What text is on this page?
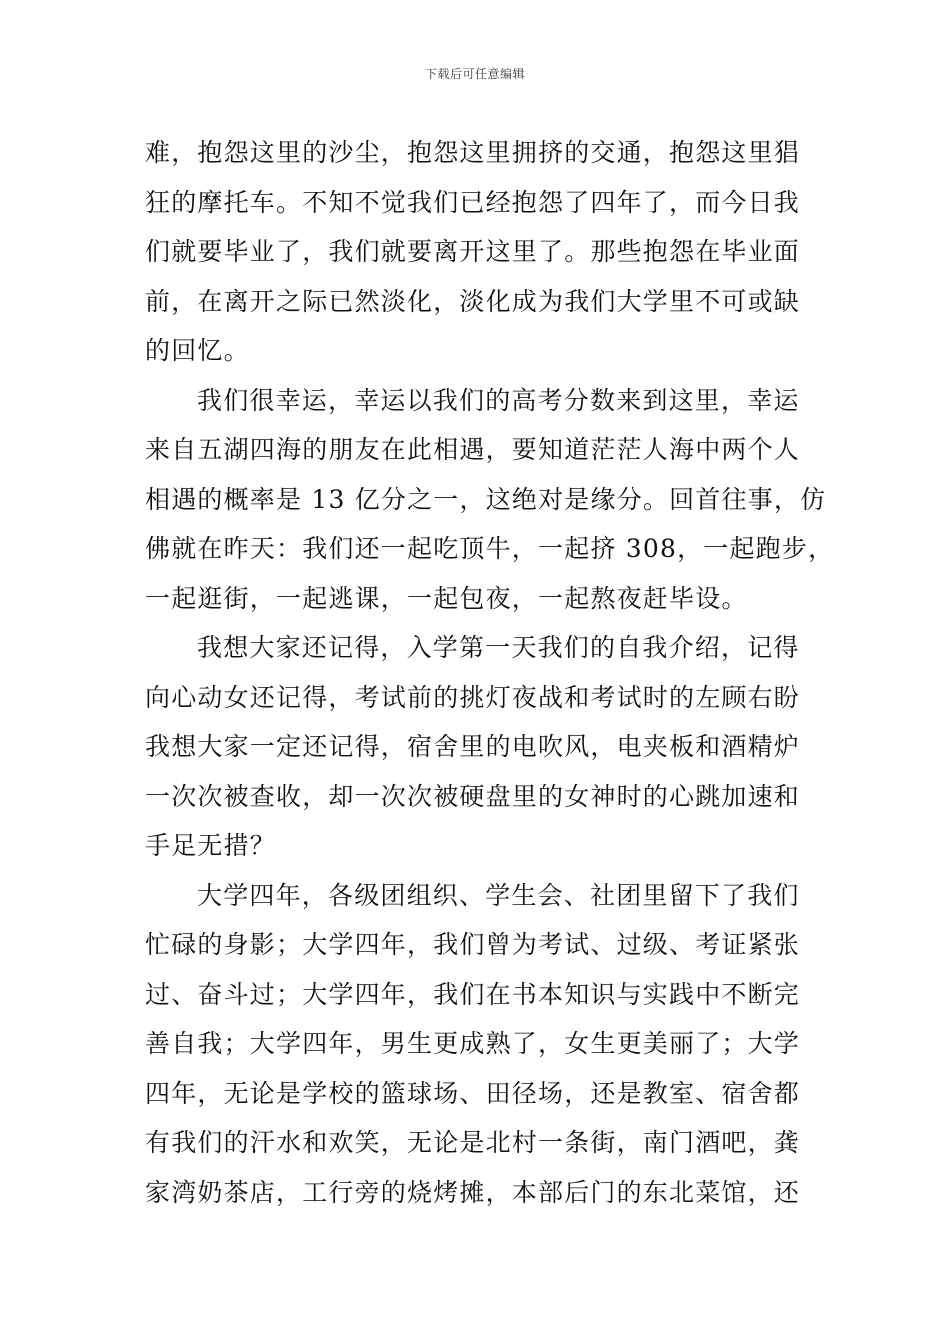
下载后可任意编辑
难，抱怨这里的沙尘，抱怨这里拥挤的交通，抱怨这里猖
狂的摩托车。不知不觉我们已经抱怨了四年了，而今日我
们就要毕业了，我们就要离开这里了。那些抱怨在毕业面
前，在离开之际已然淡化，淡化成为我们大学里不可或缺
的回忆。
我们很幸运，幸运以我们的高考分数来到这里，幸运
来自五湖四海的朋友在此相遇，要知道茫茫人海中两个人
相遇的概率是 13 亿分之一，这绝对是缘分。回首往事，仿
佛就在昨天：我们还一起吃顶牛，一起挤 308，一起跑步，
一起逛街，一起逃课，一起包夜，一起熬夜赶毕设。
我想大家还记得，入学第一天我们的自我介绍，记得
向心动女还记得，考试前的挑灯夜战和考试时的左顾右盼
我想大家一定还记得，宿舍里的电吹风，电夹板和酒精炉
一次次被查收，却一次次被硬盘里的女神时的心跳加速和
手足无措？
大学四年，各级团组织、学生会、社团里留下了我们
忙碌的身影；大学四年，我们曾为考试、过级、考证紧张
过、奋斗过；大学四年，我们在书本知识与实践中不断完
善自我；大学四年，男生更成熟了，女生更美丽了；大学
四年，无论是学校的篮球场、田径场，还是教室、宿舍都
有我们的汗水和欢笑，无论是北村一条街，南门酒吧，龚
家湾奶茶店，工行旁的烧烤摊，本部后门的东北菜馆，还
